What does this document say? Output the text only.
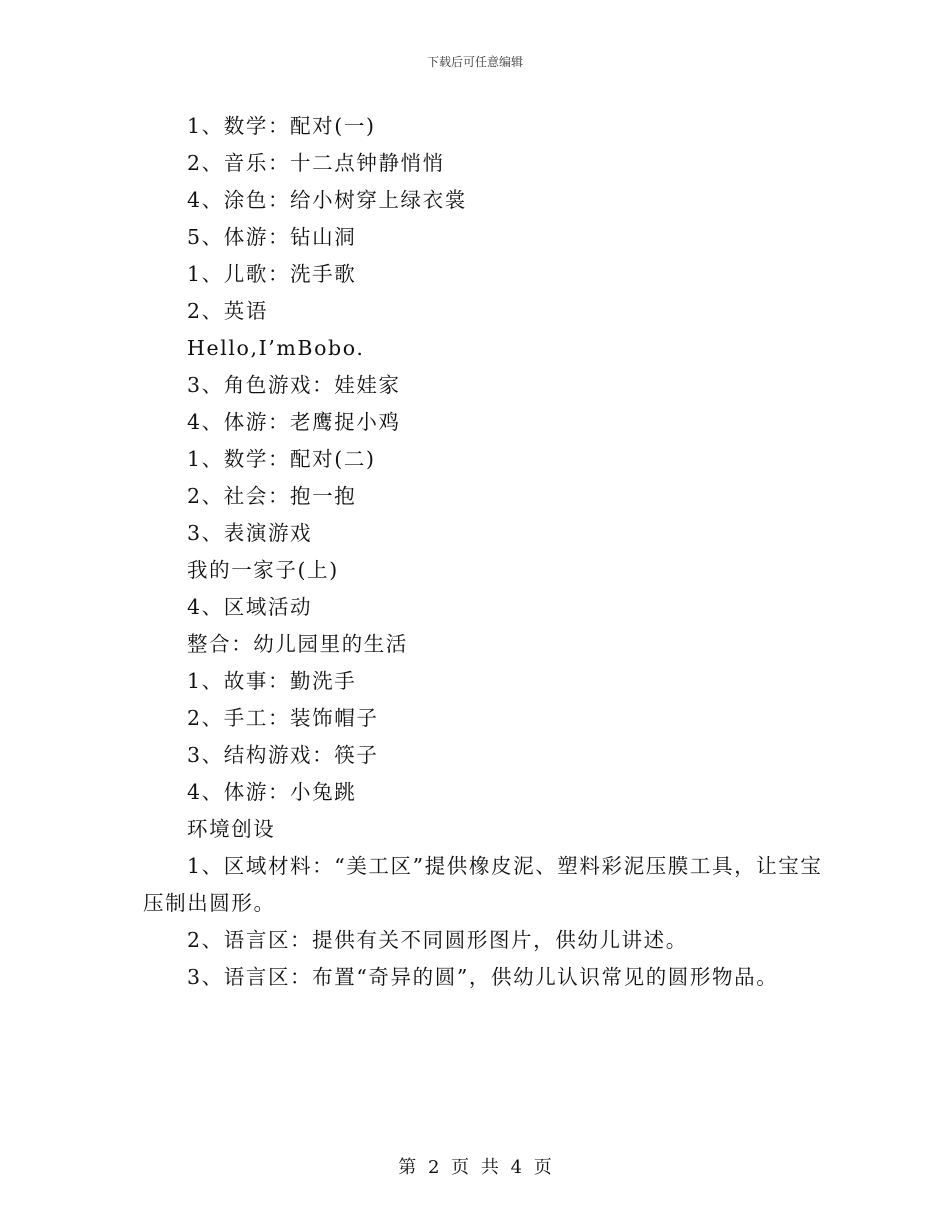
下载后可任意编辑
1、数学：配对(一)
2、音乐：十二点钟静悄悄
4、涂色：给小树穿上绿衣裳
5、体游：钻山洞
1、儿歌：洗手歌
2、英语
Hello,I’mBobo.
3、角色游戏：娃娃家
4、体游：老鹰捉小鸡
1、数学：配对(二)
2、社会：抱一抱
3、表演游戏
我的一家子(上)
4、区域活动
整合：幼儿园里的生活
1、故事：勤洗手
2、手工：装饰帽子
3、结构游戏：筷子
4、体游：小兔跳
环境创设
1、区域材料：“美工区”提供橡皮泥、塑料彩泥压膜工具，让宝宝压制出圆形。
2、语言区：提供有关不同圆形图片，供幼儿讲述。
3、语言区：布置“奇异的圆”，供幼儿认识常见的圆形物品。
第 2 页 共 4 页
